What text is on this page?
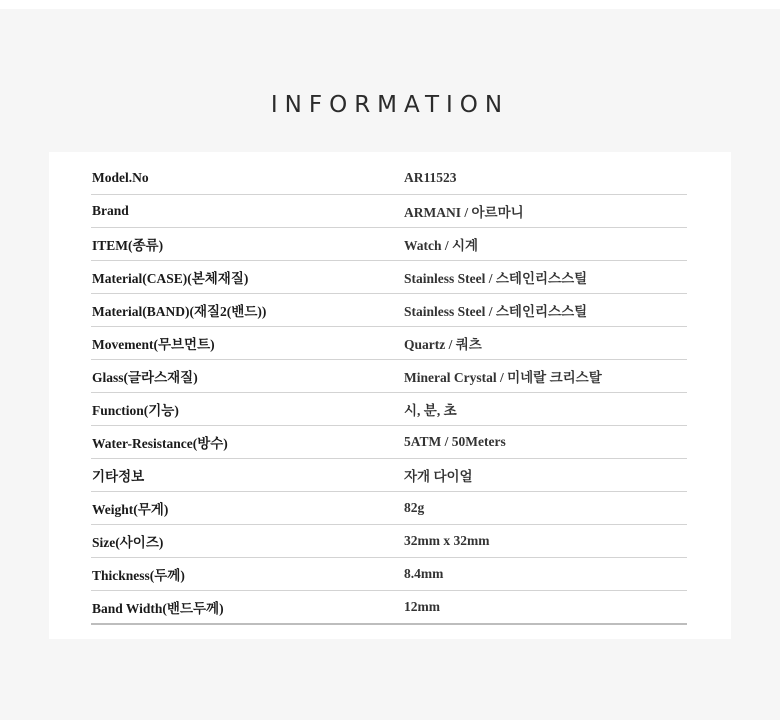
INFORMATION
Model.No	AR11523
Brand	ARMANI / 아르마니
ITEM(종류)	Watch / 시계
Material(CASE)(본체재질)	Stainless Steel / 스테인리스스틸
Material(BAND)(재질2(밴드))	Stainless Steel / 스테인리스스틸
Movement(무브먼트)	Quartz / 쿼츠
Glass(글라스재질)	Mineral Crystal / 미네랄 크리스탈
Function(기능)	시, 분, 초
Water-Resistance(방수)	5ATM / 50Meters
기타정보	자개 다이얼
Weight(무게)	82g
Size(사이즈)	32mm x 32mm
Thickness(두께)	8.4mm
Band Width(밴드두께)	12mm
